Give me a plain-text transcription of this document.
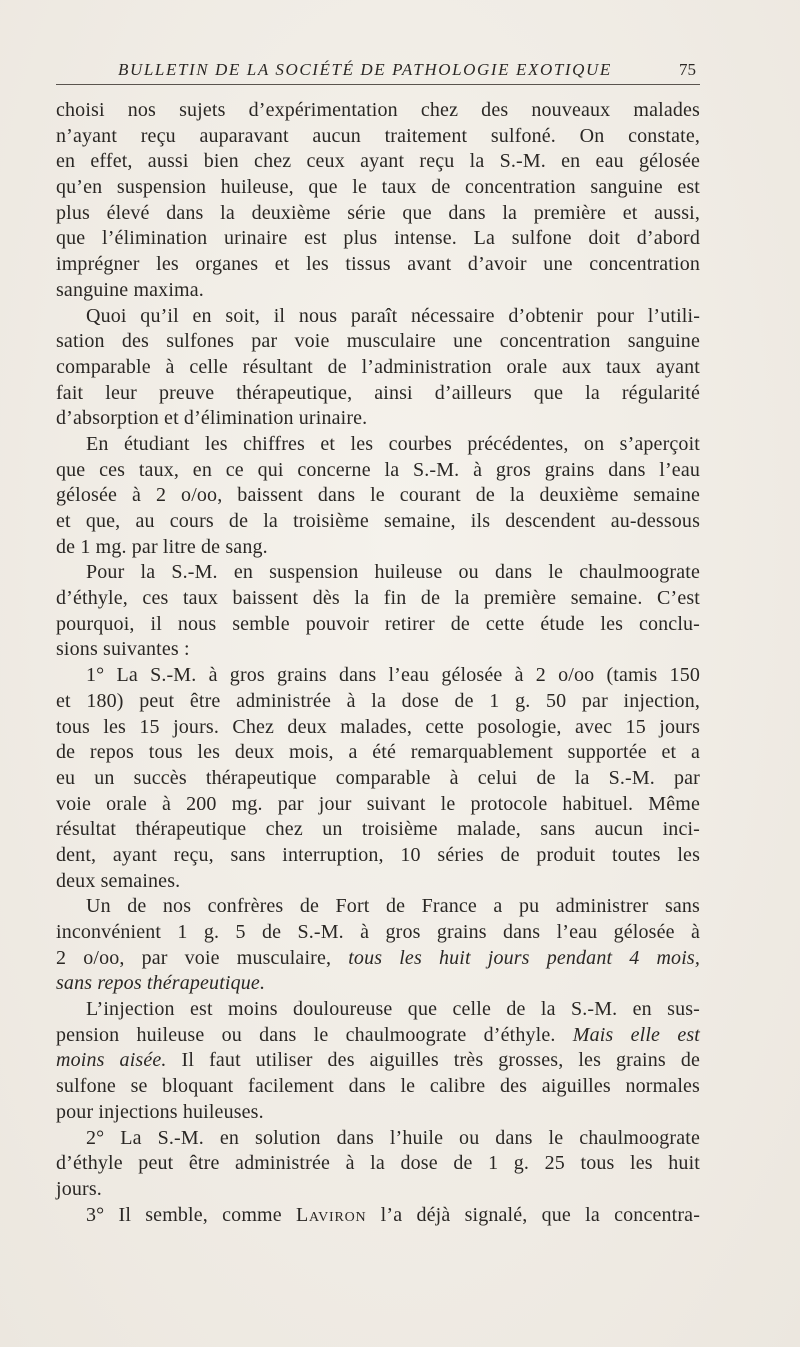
BULLETIN DE LA SOCIÉTÉ DE PATHOLOGIE EXOTIQUE	75
choisi nos sujets d’expérimentation chez des nouveaux malades
n’ayant reçu auparavant aucun traitement sulfoné. On constate,
en effet, aussi bien chez ceux ayant reçu la S.-M. en eau gélosée
qu’en suspension huileuse, que le taux de concentration sanguine est
plus élevé dans la deuxième série que dans la première et aussi,
que l’élimination urinaire est plus intense. La sulfone doit d’abord
imprégner les organes et les tissus avant d’avoir une concentration
sanguine maxima.
Quoi qu’il en soit, il nous paraît nécessaire d’obtenir pour l’utili-
sation des sulfones par voie musculaire une concentration sanguine
comparable à celle résultant de l’administration orale aux taux ayant
fait leur preuve thérapeutique, ainsi d’ailleurs que la régularité
d’absorption et d’élimination urinaire.
En étudiant les chiffres et les courbes précédentes, on s’aperçoit
que ces taux, en ce qui concerne la S.-M. à gros grains dans l’eau
gélosée à 2 o/oo, baissent dans le courant de la deuxième semaine
et que, au cours de la troisième semaine, ils descendent au-dessous
de 1 mg. par litre de sang.
Pour la S.-M. en suspension huileuse ou dans le chaulmoograte
d’éthyle, ces taux baissent dès la fin de la première semaine. C’est
pourquoi, il nous semble pouvoir retirer de cette étude les conclu-
sions suivantes :
1° La S.-M. à gros grains dans l’eau gélosée à 2 o/oo (tamis 150
et 180) peut être administrée à la dose de 1 g. 50 par injection,
tous les 15 jours. Chez deux malades, cette posologie, avec 15 jours
de repos tous les deux mois, a été remarquablement supportée et a
eu un succès thérapeutique comparable à celui de la S.-M. par
voie orale à 200 mg. par jour suivant le protocole habituel. Même
résultat thérapeutique chez un troisième malade, sans aucun inci-
dent, ayant reçu, sans interruption, 10 séries de produit toutes les
deux semaines.
Un de nos confrères de Fort de France a pu administrer sans
inconvénient 1 g. 5 de S.-M. à gros grains dans l’eau gélosée à
2 o/oo, par voie musculaire, tous les huit jours pendant 4 mois,
sans repos thérapeutique.
L’injection est moins douloureuse que celle de la S.-M. en sus-
pension huileuse ou dans le chaulmoograte d’éthyle. Mais elle est
moins aisée. Il faut utiliser des aiguilles très grosses, les grains de
sulfone se bloquant facilement dans le calibre des aiguilles normales
pour injections huileuses.
2° La S.-M. en solution dans l’huile ou dans le chaulmoograte
d’éthyle peut être administrée à la dose de 1 g. 25 tous les huit
jours.
3° Il semble, comme Laviron l’a déjà signalé, que la concentra-
